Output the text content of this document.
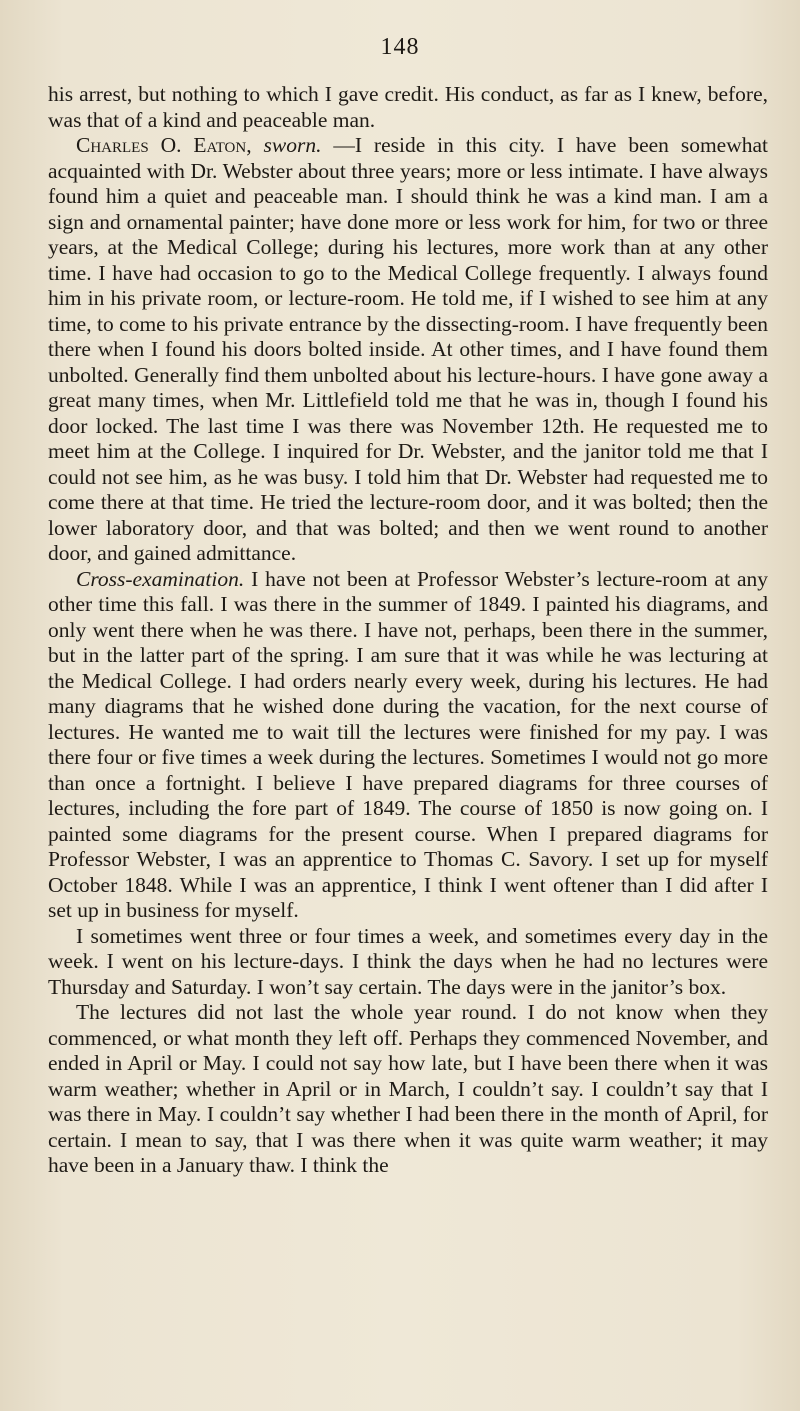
148

his arrest, but nothing to which I gave credit. His conduct, as far as I knew, before, was that of a kind and peaceable man.

Charles O. Eaton, sworn. —I reside in this city. I have been somewhat acquainted with Dr. Webster about three years; more or less intimate. I have always found him a quiet and peaceable man. I should think he was a kind man. I am a sign and ornamental painter; have done more or less work for him, for two or three years, at the Medical College; during his lectures, more work than at any other time. I have had occasion to go to the Medical College frequently. I always found him in his private room, or lecture-room. He told me, if I wished to see him at any time, to come to his private entrance by the dissecting-room. I have frequently been there when I found his doors bolted inside. At other times, and I have found them unbolted. Generally find them unbolted about his lecture-hours. I have gone away a great many times, when Mr. Littlefield told me that he was in, though I found his door locked. The last time I was there was November 12th. He requested me to meet him at the College. I inquired for Dr. Webster, and the janitor told me that I could not see him, as he was busy. I told him that Dr. Webster had requested me to come there at that time. He tried the lecture-room door, and it was bolted; then the lower laboratory door, and that was bolted; and then we went round to another door, and gained admittance.

Cross-examination. I have not been at Professor Webster’s lecture-room at any other time this fall. I was there in the summer of 1849. I painted his diagrams, and only went there when he was there. I have not, perhaps, been there in the summer, but in the latter part of the spring. I am sure that it was while he was lecturing at the Medical College. I had orders nearly every week, during his lectures. He had many diagrams that he wished done during the vacation, for the next course of lectures. He wanted me to wait till the lectures were finished for my pay. I was there four or five times a week during the lectures. Sometimes I would not go more than once a fortnight. I believe I have prepared diagrams for three courses of lectures, including the fore part of 1849. The course of 1850 is now going on. I painted some diagrams for the present course. When I prepared diagrams for Professor Webster, I was an apprentice to Thomas C. Savory. I set up for myself October 1848. While I was an apprentice, I think I went oftener than I did after I set up in business for myself.

I sometimes went three or four times a week, and sometimes every day in the week. I went on his lecture-days. I think the days when he had no lectures were Thursday and Saturday. I won’t say certain. The days were in the janitor’s box.

The lectures did not last the whole year round. I do not know when they commenced, or what month they left off. Perhaps they commenced November, and ended in April or May. I could not say how late, but I have been there when it was warm weather; whether in April or in March, I couldn’t say. I couldn’t say that I was there in May. I couldn’t say whether I had been there in the month of April, for certain. I mean to say, that I was there when it was quite warm weather; it may have been in a January thaw. I think the
